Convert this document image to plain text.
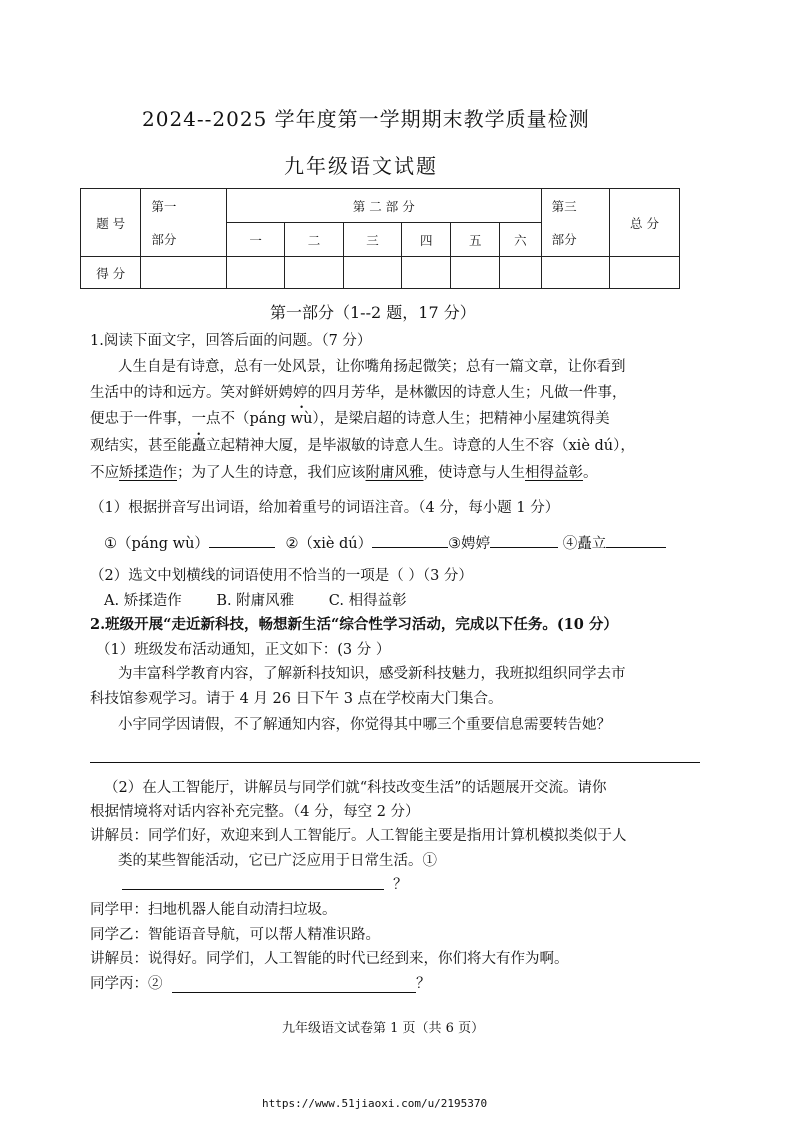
2024--2025 学年度第一学期期末教学质量检测
九年级语文试题
题 号	第一	第 二 部 分						第三	总 分
	部分	一	二	三	四	五	六	部分	
得 分									
第一部分（1--2 题，17 分）
1.阅读下面文字，回答后面的问题。（7 分）
人生自是有诗意，总有一处风景，让你嘴角扬起微笑；总有一篇文章，让你看到
生活中的诗和远方。笑对鲜妍娉婷的四月芳华，是林徽因的诗意人生；凡做一件事，
便忠于一件事，一点不（páng wù •），是梁启超的诗意人生；把精神小屋建筑得美
观结实，甚至能矗立起精神大厦，是毕淑敏的诗意人生。诗意的人生不容（xiè dú），
不应矫揉造作；为了人生的诗意，我们应该附庸风雅，使诗意与人生相得益彰。
（1）根据拼音写出词语，给加着重号的词语注音。（4 分，每小题 1 分）
①（páng wù）	②（xiè dú）	③娉婷	④矗立
（2）选文中划横线的词语使用不恰当的一项是（ ）（3 分）
A. 矫揉造作 B. 附庸风雅 C. 相得益彰
2.班级开展“走近新科技，畅想新生活“综合性学习活动，完成以下任务。(10 分）
（1）班级发布活动通知，正文如下：(3 分 ）
为丰富科学教育内容，了解新科技知识，感受新科技魅力，我班拟组织同学去市
科技馆参观学习。请于 4 月 26 日下午 3 点在学校南大门集合。
小宇同学因请假，不了解通知内容，你觉得其中哪三个重要信息需要转告她？
（2）在人工智能厅，讲解员与同学们就“科技改变生活”的话题展开交流。请你
根据情境将对话内容补充完整。（4 分，每空 2 分）
讲解员：同学们好，欢迎来到人工智能厅。人工智能主要是指用计算机模拟类似于人
类的某些智能活动，它已广泛应用于日常生活。①
？
同学甲：扫地机器人能自动清扫垃圾。
同学乙：智能语音导航，可以帮人精准识路。
讲解员：说得好。同学们，人工智能的时代已经到来，你们将大有作为啊。
同学丙：②	？
九年级语文试卷第 1 页（共 6 页）
https://www.51jiaoxi.com/u/2195370
